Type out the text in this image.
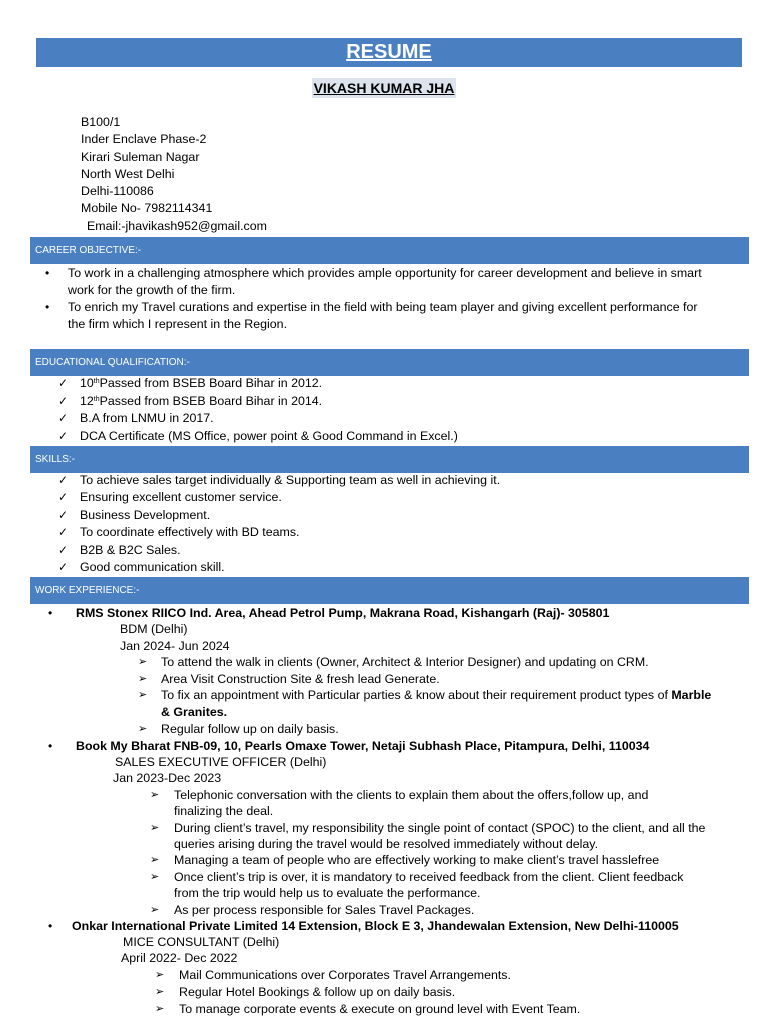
RESUME
VIKASH KUMAR JHA
B100/1
Inder Enclave Phase-2
Kirari Suleman Nagar
North West Delhi
Delhi-110086
Mobile No- 7982114341
Email:-jhavikash952@gmail.com
CAREER OBJECTIVE:-
• To work in a challenging atmosphere which provides ample opportunity for career development and believe in smart
work for the growth of the firm.
• To enrich my Travel curations and expertise in the field with being team player and giving excellent performance for
the firm which I represent in the Region.
EDUCATIONAL QUALIFICATION:-
✓ 10thPassed from BSEB Board Bihar in 2012.
✓ 12thPassed from BSEB Board Bihar in 2014.
✓ B.A from LNMU in 2017.
✓ DCA Certificate (MS Office, power point & Good Command in Excel.)
SKILLS:-
✓ To achieve sales target individually & Supporting team as well in achieving it.
✓ Ensuring excellent customer service.
✓ Business Development.
✓ To coordinate effectively with BD teams.
✓ B2B & B2C Sales.
✓ Good communication skill.
WORK EXPERIENCE:-
• RMS Stonex RIICO Ind. Area, Ahead Petrol Pump, Makrana Road, Kishangarh (Raj)- 305801
BDM (Delhi)
Jan 2024- Jun 2024
➢ To attend the walk in clients (Owner, Architect & Interior Designer) and updating on CRM.
➢ Area Visit Construction Site & fresh lead Generate.
➢ To fix an appointment with Particular parties & know about their requirement product types of Marble
& Granites.
➢ Regular follow up on daily basis.
• Book My Bharat FNB-09, 10, Pearls Omaxe Tower, Netaji Subhash Place, Pitampura, Delhi, 110034
SALES EXECUTIVE OFFICER (Delhi)
Jan 2023-Dec 2023
➢ Telephonic conversation with the clients to explain them about the offers,follow up, and
finalizing the deal.
➢ During client’s travel, my responsibility the single point of contact (SPOC) to the client, and all the
queries arising during the travel would be resolved immediately without delay.
➢ Managing a team of people who are effectively working to make client’s travel hasslefree
➢ Once client’s trip is over, it is mandatory to received feedback from the client. Client feedback
from the trip would help us to evaluate the performance.
➢ As per process responsible for Sales Travel Packages.
• Onkar International Private Limited 14 Extension, Block E 3, Jhandewalan Extension, New Delhi-110005
MICE CONSULTANT (Delhi)
April 2022- Dec 2022
➢ Mail Communications over Corporates Travel Arrangements.
➢ Regular Hotel Bookings & follow up on daily basis.
➢ To manage corporate events & execute on ground level with Event Team.
